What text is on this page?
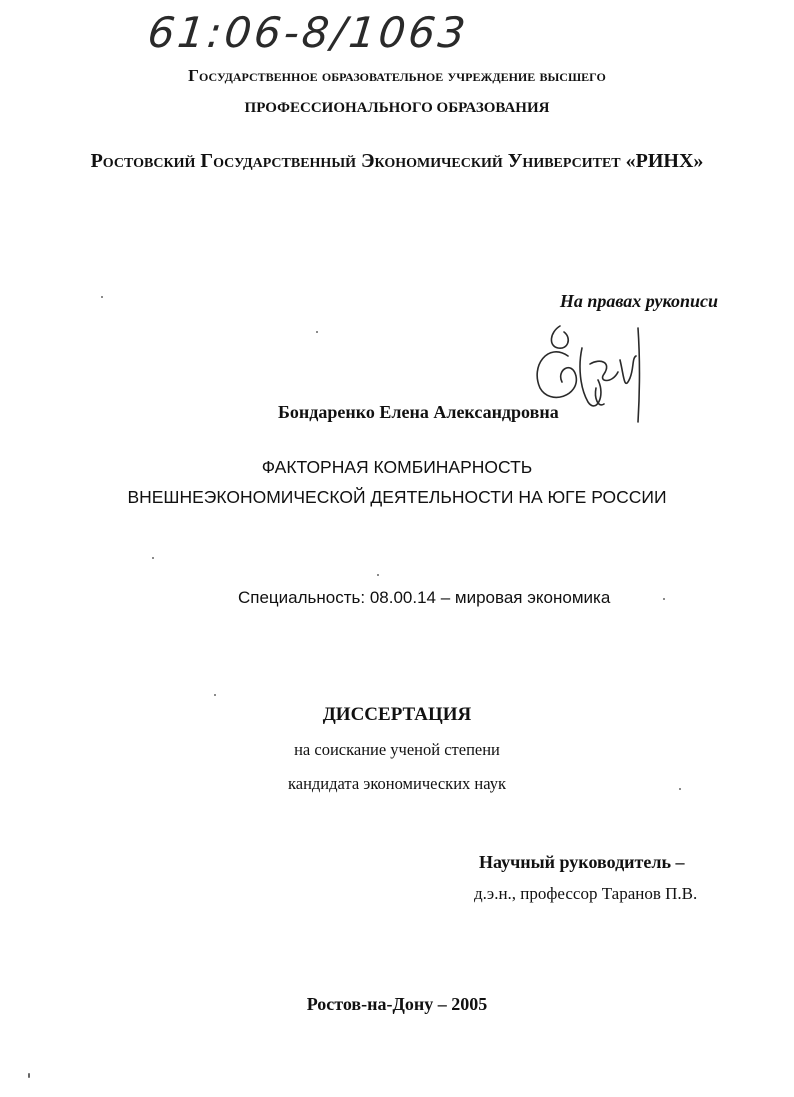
61:06-8/1063
Государственное образовательное учреждение высшего
ПРОФЕССИОНАЛЬНОГО ОБРАЗОВАНИЯ
Ростовский Государственный Экономический Университет «РИНХ»
На правах рукописи
Бондаренко Елена Александровна
ФАКТОРНАЯ КОМБИНАРНОСТЬ
ВНЕШНЕЭКОНОМИЧЕСКОЙ ДЕЯТЕЛЬНОСТИ НА ЮГЕ РОССИИ
Специальность: 08.00.14 – мировая экономика
ДИССЕРТАЦИЯ
на соискание ученой степени
кандидата экономических наук
Научный руководитель –
д.э.н., профессор Таранов П.В.
Ростов-на-Дону – 2005
